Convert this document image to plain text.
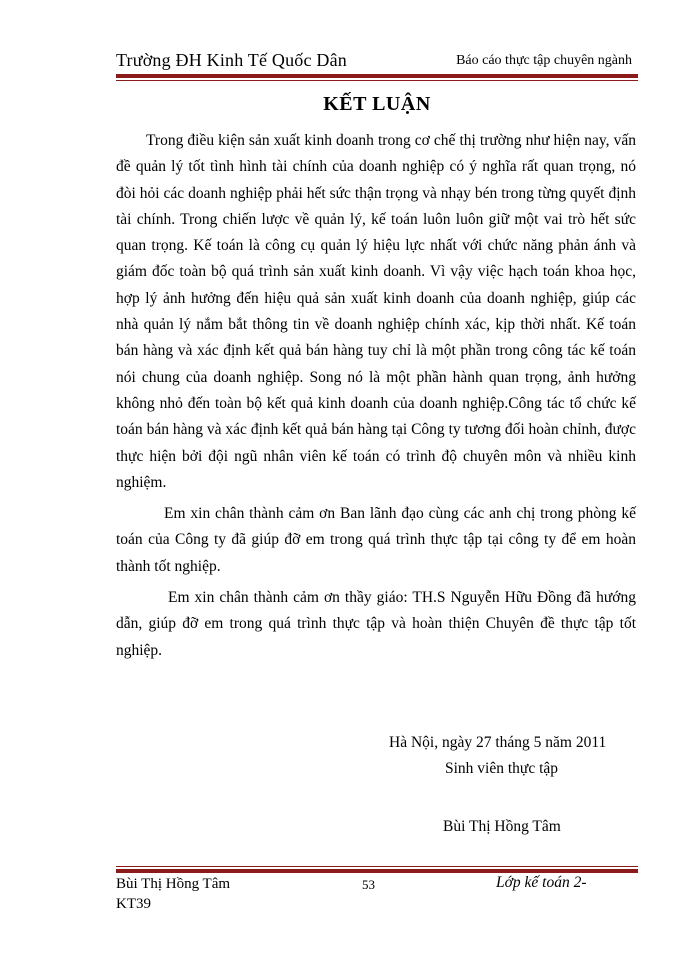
Trường ĐH Kinh Tế Quốc Dân	Báo cáo thực tập chuyên ngành
KẾT LUẬN

Trong điều kiện sản xuất kinh doanh trong cơ chế thị trường như hiện nay, vấn đề quản lý tốt tình hình tài chính của doanh nghiệp có ý nghĩa rất quan trọng, nó đòi hỏi các doanh nghiệp phải hết sức thận trọng và nhạy bén trong từng quyết định tài chính. Trong chiến lược về quản lý, kế toán luôn luôn giữ một vai trò hết sức quan trọng. Kế toán là công cụ quản lý hiệu lực nhất với chức năng phản ánh và giám đốc toàn bộ quá trình sản xuất kinh doanh. Vì vậy việc hạch toán khoa học, hợp lý ảnh hưởng đến hiệu quả sản xuất kinh doanh của doanh nghiệp, giúp các nhà quản lý nắm bắt thông tin về doanh nghiệp chính xác, kịp thời nhất. Kế toán bán hàng và xác định kết quả bán hàng tuy chỉ là một phần trong công tác kế toán nói chung của doanh nghiệp. Song nó là một phần hành quan trọng, ảnh hưởng không nhỏ đến toàn bộ kết quả kinh doanh của doanh nghiệp.Công tác tổ chức kế toán bán hàng và xác định kết quả bán hàng tại Công ty tương đối hoàn chỉnh, được thực hiện bởi đội ngũ nhân viên kế toán có trình độ chuyên môn và nhiều kinh nghiệm.

Em xin chân thành cảm ơn Ban lãnh đạo cùng các anh chị trong phòng kế toán của Công ty đã giúp đỡ em trong quá trình thực tập tại công ty để em hoàn thành tốt nghiệp.

Em xin chân thành cảm ơn thầy giáo: TH.S Nguyễn Hữu Đồng đã hướng dẫn, giúp đỡ em trong quá trình thực tập và hoàn thiện Chuyên đề thực tập tốt nghiệp.

Hà Nội, ngày 27 tháng 5 năm 2011
Sinh viên thực tập
Bùi Thị Hồng Tâm
Bùi Thị Hồng Tâm
KT39
53	Lớp kế toán 2-
